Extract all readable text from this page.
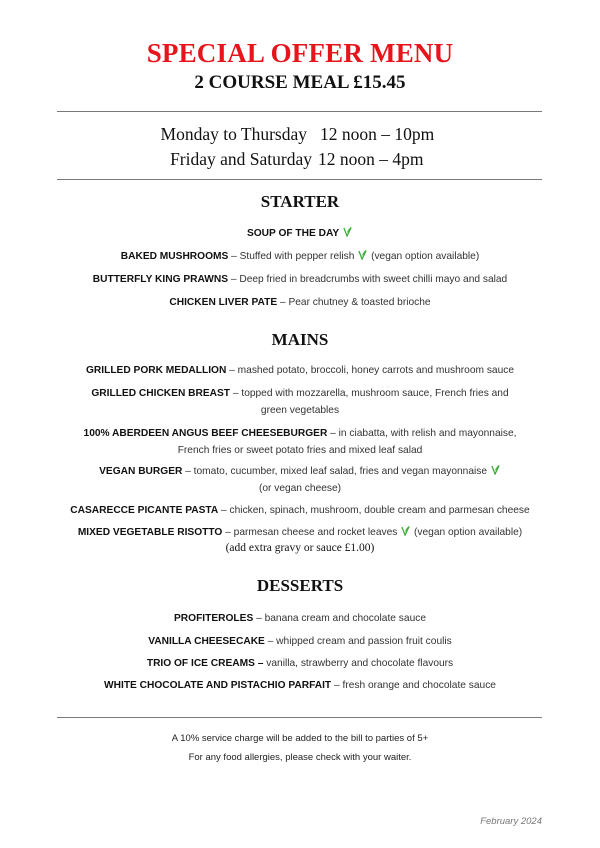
SPECIAL OFFER MENU
2 COURSE MEAL £15.45
Monday to Thursday 12 noon – 10pm
Friday and Saturday 12 noon – 4pm
STARTER
SOUP OF THE DAY
BAKED MUSHROOMS – Stuffed with pepper relish  (vegan option available)
BUTTERFLY KING PRAWNS – Deep fried in breadcrumbs with sweet chilli mayo and salad
CHICKEN LIVER PATE – Pear chutney & toasted brioche
MAINS
GRILLED PORK MEDALLION – mashed potato, broccoli, honey carrots and mushroom sauce
GRILLED CHICKEN BREAST – topped with mozzarella, mushroom sauce, French fries and
green vegetables
100% ABERDEEN ANGUS BEEF CHEESEBURGER – in ciabatta, with relish and mayonnaise,
French fries or sweet potato fries and mixed leaf salad
VEGAN BURGER – tomato, cucumber, mixed leaf salad, fries and vegan mayonnaise
(or vegan cheese)
CASARECCE PICANTE PASTA – chicken, spinach, mushroom, double cream and parmesan cheese
MIXED VEGETABLE RISOTTO – parmesan cheese and rocket leaves  (vegan option available)
(add extra gravy or sauce £1.00)
DESSERTS
PROFITEROLES – banana cream and chocolate sauce
VANILLA CHEESECAKE – whipped cream and passion fruit coulis
TRIO OF ICE CREAMS – vanilla, strawberry and chocolate flavours
WHITE CHOCOLATE AND PISTACHIO PARFAIT – fresh orange and chocolate sauce
A 10% service charge will be added to the bill to parties of 5+
For any food allergies, please check with your waiter.
February 2024
